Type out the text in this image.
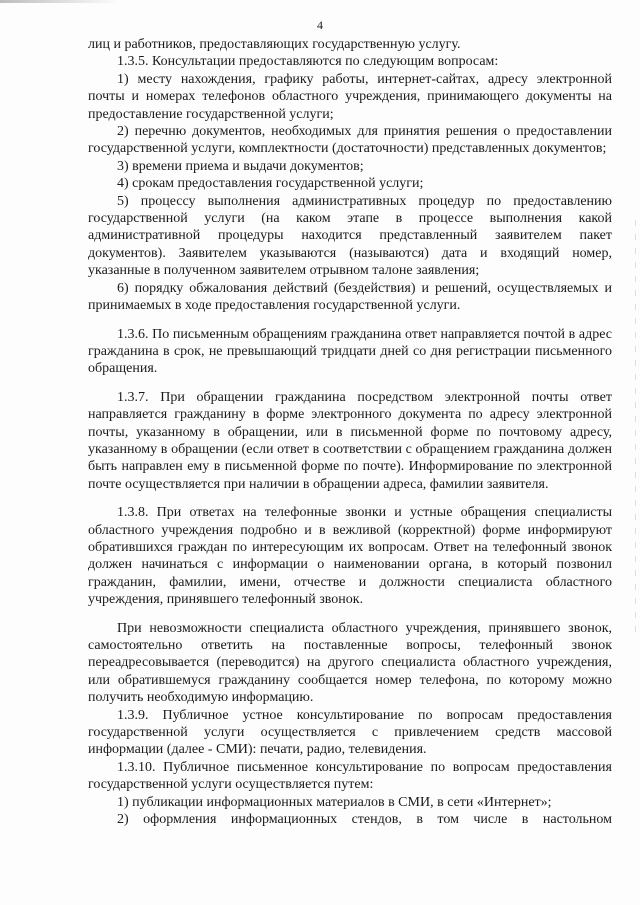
4

лиц и работников, предоставляющих государственную услугу.

1.3.5. Консультации предоставляются по следующим вопросам:

1) месту нахождения, графику работы, интернет-сайтах, адресу электронной почты и номерах телефонов областного учреждения, принимающего документы на предоставление государственной услуги;

2) перечню документов, необходимых для принятия решения о предоставлении государственной услуги, комплектности (достаточности) представленных документов;

3) времени приема и выдачи документов;

4) срокам предоставления государственной услуги;

5) процессу выполнения административных процедур по предоставлению государственной услуги (на каком этапе в процессе выполнения какой административной процедуры находится представленный заявителем пакет документов). Заявителем указываются (называются) дата и входящий номер, указанные в полученном заявителем отрывном талоне заявления;

6) порядку обжалования действий (бездействия) и решений, осуществляемых и принимаемых в ходе предоставления государственной услуги.

1.3.6. По письменным обращениям гражданина ответ направляется почтой в адрес гражданина в срок, не превышающий тридцати дней со дня регистрации письменного обращения.

1.3.7. При обращении гражданина посредством электронной почты ответ направляется гражданину в форме электронного документа по адресу электронной почты, указанному в обращении, или в письменной форме по почтовому адресу, указанному в обращении (если ответ в соответствии с обращением гражданина должен быть направлен ему в письменной форме по почте). Информирование по электронной почте осуществляется при наличии в обращении адреса, фамилии заявителя.

1.3.8. При ответах на телефонные звонки и устные обращения специалисты областного учреждения подробно и в вежливой (корректной) форме информируют обратившихся граждан по интересующим их вопросам. Ответ на телефонный звонок должен начинаться с информации о наименовании органа, в который позвонил гражданин, фамилии, имени, отчестве и должности специалиста областного учреждения, принявшего телефонный звонок.

При невозможности специалиста областного учреждения, принявшего звонок, самостоятельно ответить на поставленные вопросы, телефонный звонок переадресовывается (переводится) на другого специалиста областного учреждения, или обратившемуся гражданину сообщается номер телефона, по которому можно получить необходимую информацию.

1.3.9. Публичное устное консультирование по вопросам предоставления государственной услуги осуществляется с привлечением средств массовой информации (далее - СМИ): печати, радио, телевидения.

1.3.10. Публичное письменное консультирование по вопросам предоставления государственной услуги осуществляется путем:

1) публикации информационных материалов в СМИ, в сети «Интернет»;

2) оформления информационных стендов, в том числе в настольном
